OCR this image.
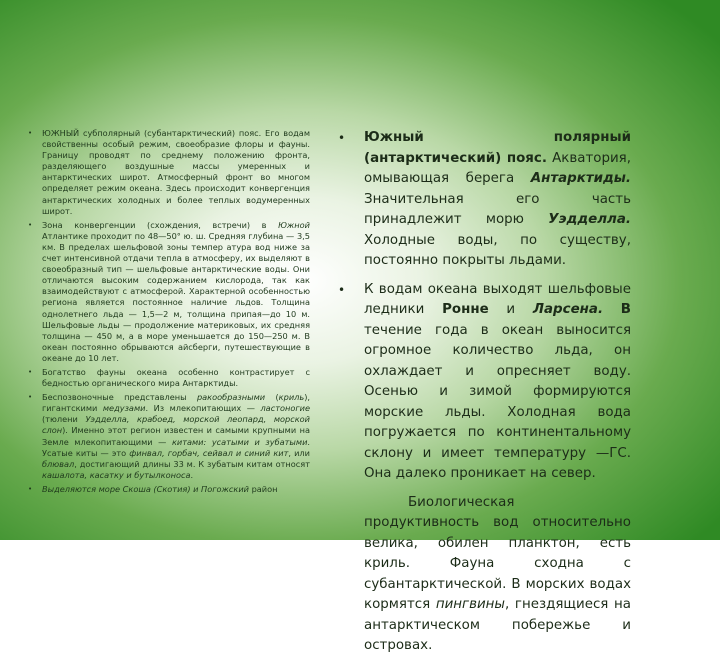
•	ЮЖНЫЙ субполярный (субантарктический) пояс. Его водам свойственны особый режим, своеобразие флоры и фауны. Границу проводят по среднему положению фронта, разделяющего воздушные массы умеренных и антарктических широт. Атмосферный фронт во многом определяет режим океана. Здесь происходит конвергенция антарктических холодных и более теплых водумеренных широт.
•	Зона конвергенции (схождения, встречи) в Южной Атлантике проходит по 48—50° ю. ш. Средняя глубина — 3,5 км. В пределах шельфовой зоны темпер атура вод ниже за счет интенсивной отдачи тепла в атмосферу, их выделяют в своеобразный тип — шельфовые антарктические воды. Они отличаются высоким содержанием кислорода, так как взаимодействуют с атмосферой. Характерной особенностью региона является постоянное наличие льдов. Толщина однолетнего льда — 1,5—2 м, толщина припая—до 10 м. Шельфовые льды — продолжение материковых, их средняя толщина — 450 м, а в море уменьшается до 150—250 м. В океан постоянно обрываются айсберги, путешествующие в океане до 10 лет.
•	Богатство фауны океана особенно контрастирует с бедностью органического мира Антарктиды.
•	Беспозвоночные представлены ракообразными (криль), гигантскими медузами. Из млекопитающих — ластоногие (тюлени Уэдделла, крабоед, морской леопард, морской слон). Именно этот регион известен и самыми крупными на Земле млекопитающими — китами: усатыми и зубатыми. Усатые киты — это финвал, горбач, сейвал и синий кит, или блювал, достигающий длины 33 м. К зубатым китам относят кашалота, касатку и бутылконоса.
•	Выделяются море Скоша (Скотия) и Погожский район
•	Южный полярный (антарктический) пояс. Акватория, омывающая берега Антарктиды. Значительная его часть принадлежит морю Уэдделла. Холодные воды, по существу, постоянно покрыты льдами.
•	К водам океана выходят шельфовые ледники Ронне и Ларсена. В течение года в океан выносится огромное количество льда, он охлаждает и опресняет воду. Осенью и зимой формируются морские льды. Холодная вода погружается по континентальному склону и имеет температуру —ГС. Она далеко проникает на север.
Биологическая продуктивность вод относительно велика, обилен планктон, есть криль. Фауна сходна с субантарктической. В морских водах кормятся пингвины, гнездящиеся на антарктическом побережье и островах.
